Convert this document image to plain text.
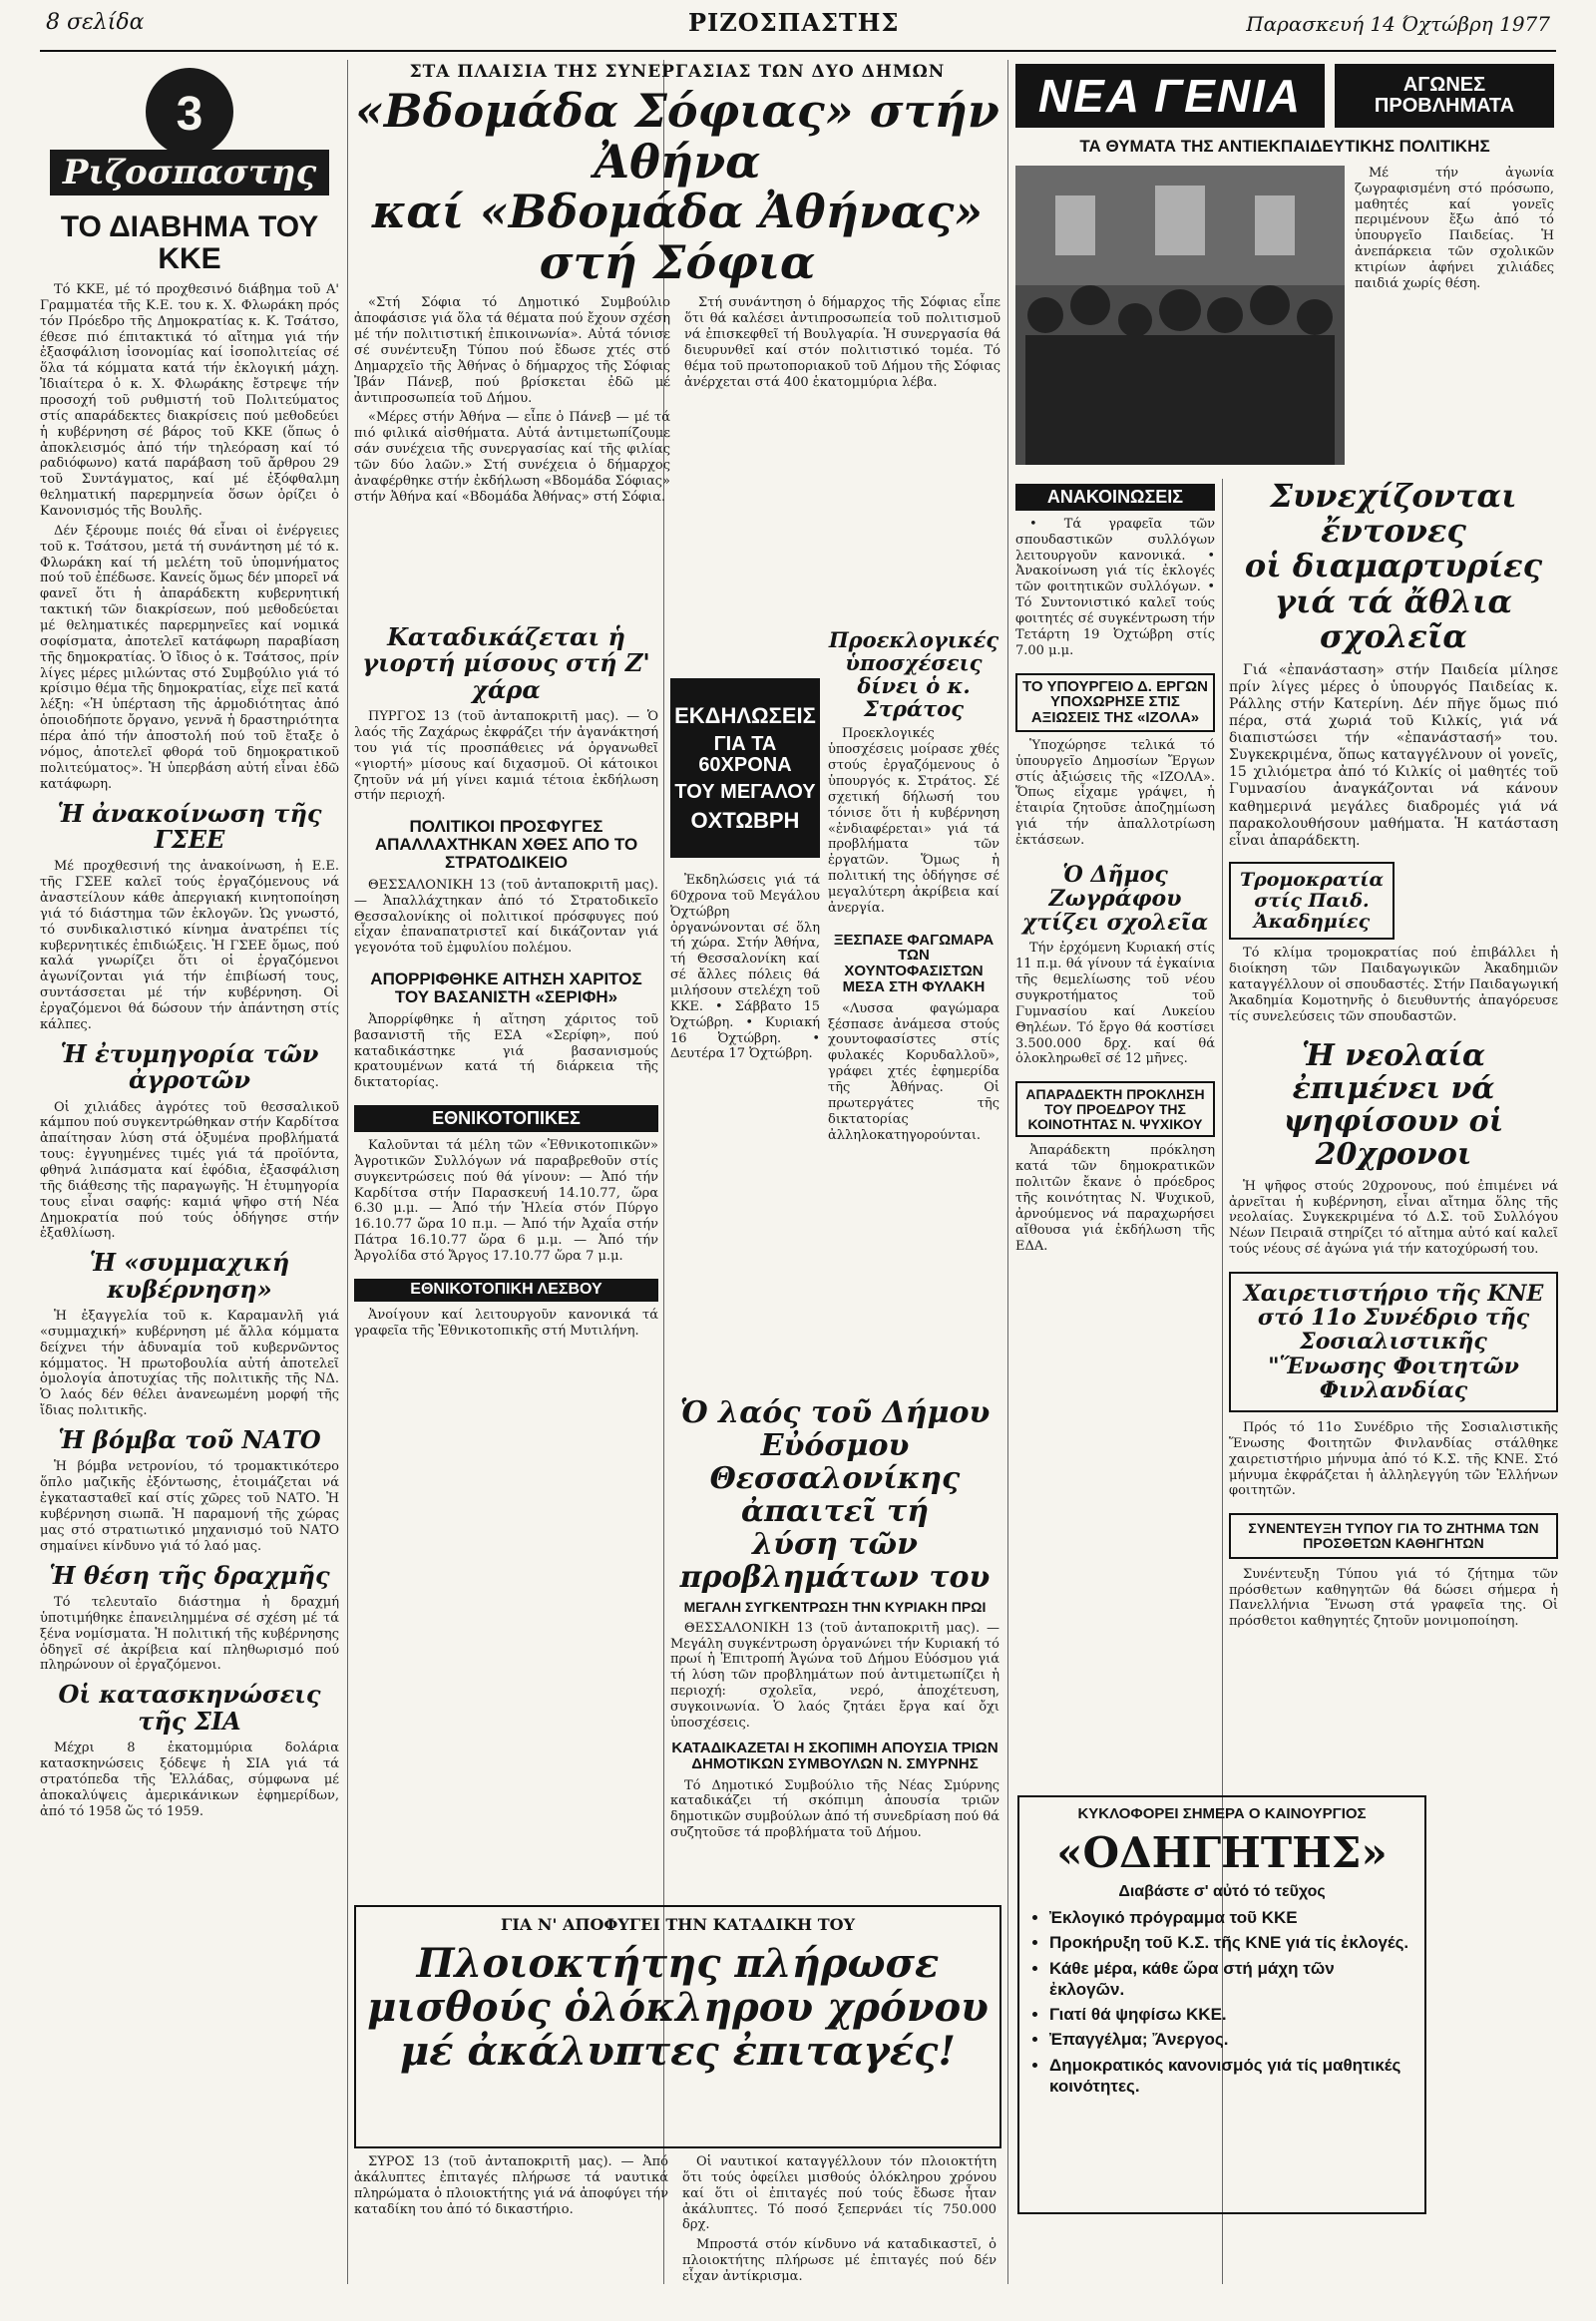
8 σελίδα	ΡΙΖΟΣΠΑΣΤΗΣ	Παρασκευή 14 Όχτώβρη 1977
3
Ριζοσπαστης
ΤΟ ΔΙΑΒΗΜΑ ΤΟΥ ΚΚΕ

Τό ΚΚΕ, μέ τό προχθεσινό διάβημα τοῦ Α' Γραμματέα τῆς Κ.Ε. του κ. Χ. Φλωράκη πρός τόν Πρόεδρο τῆς Δημοκρατίας κ. Κ. Τσάτσο, έθεσε πιό έπιτακτικά τό αἴτημα γιά τήν ἐξασφάλιση ἰσονομίας καί ἰσοπολιτείας σέ ὅλα τά κόμματα κατά τήν ἐκλογική μάχη. Ἰδιαίτερα ὁ κ. Χ. Φλωράκης ἔστρεψε τήν προσοχή τοῦ ρυθμιστή τοῦ Πολιτεύματος στίς απαράδεκτες διακρίσεις πού μεθοδεύει ἡ κυβέρνηση σέ βάρος τοῦ ΚΚΕ (ὅπως ὁ ἀποκλεισμός ἀπό τήν τηλεόραση καί τό ραδιόφωνο) κατά παράβαση τοῦ ἄρθρου 29 τοῦ Συντάγματος, καί μέ ἐξόφθαλμη θεληματική παρερμηνεία ὅσων ὁρίζει ὁ Κανονισμός τῆς Βουλῆς.

Δέν ξέρουμε ποιές θά εἶναι οἱ ἐνέργειες τοῦ κ. Τσάτσου, μετά τή συνάντηση μέ τό κ. Φλωράκη καί τή μελέτη τοῦ ὑπομνήματος πού τοῦ ἐπέδωσε. Κανείς ὅμως δέν μπορεῖ νά φανεῖ ὅτι ἡ ἀπαράδεκτη κυβερνητική τακτική τῶν διακρίσεων, πού μεθοδεύεται μέ θεληματικές παρερμηνεῖες καί νομικά σοφίσματα, ἀποτελεῖ κατάφωρη παραβίαση τῆς δημοκρατίας. Ὁ ἴδιος ὁ κ. Τσάτσος, πρίν λίγες μέρες μιλώντας στό Συμβούλιο γιά τό κρίσιμο θέμα τῆς δημοκρατίας, εἶχε πεῖ κατά λέξη: «Ἡ ὑπέρταση τῆς ἀρμοδιότητας ἀπό ὁποιοδήποτε ὄργανο, γεννᾶ ἡ δραστηριότητα πέρα ἀπό τήν ἀποστολή πού τοῦ ἔταξε ὁ νόμος, ἀποτελεῖ φθορά τοῦ δημοκρατικοῦ πολιτεύματος». Ἡ ὑπερβάση αὐτή εἶναι ἐδῶ κατάφωρη.

Ἡ ἀνακοίνωση τῆς ΓΣΕΕ

Μέ προχθεσινή της ἀνακοίνωση, ἡ Ε.Ε. τῆς ΓΣΕΕ καλεῖ τούς ἐργαζόμενους νά ἀναστείλουν κάθε ἀπεργιακή κινητοποίηση γιά τό διάστημα τῶν ἐκλογῶν. Ὡς γνωστό, τό συνδικαλιστικό κίνημα ἀνατρέπει τίς κυβερνητικές ἐπιδιώξεις. Ἡ ΓΣΕΕ ὅμως, πού καλά γνωρίζει ὅτι οἱ ἐργαζόμενοι ἀγωνίζονται γιά τήν ἐπιβίωσή τους, συντάσσεται μέ τήν κυβέρνηση. Οἱ ἐργαζόμενοι θά δώσουν τήν ἀπάντηση στίς κάλπες.

Ἡ ἐτυμηγορία τῶν ἀγροτῶν

Οἱ χιλιάδες ἀγρότες τοῦ θεσσαλικοῦ κάμπου πού συγκεντρώθηκαν στήν Καρδίτσα ἀπαίτησαν λύση στά ὀξυμένα προβλήματά τους: ἐγγυημένες τιμές γιά τά προϊόντα, φθηνά λιπάσματα καί ἐφόδια, ἐξασφάλιση τῆς διάθεσης τῆς παραγωγῆς. Ἡ ἐτυμηγορία τους εἶναι σαφής: καμιά ψῆφο στή Νέα Δημοκρατία πού τούς ὁδήγησε στήν ἐξαθλίωση.

Ἡ «συμμαχική κυβέρνηση»

Ἡ ἐξαγγελία τοῦ κ. Καραμανλῆ γιά «συμμαχική» κυβέρνηση μέ ἄλλα κόμματα δείχνει τήν ἀδυναμία τοῦ κυβερνῶντος κόμματος. Ἡ πρωτοβουλία αὐτή ἀποτελεῖ ὁμολογία ἀποτυχίας τῆς πολιτικῆς τῆς ΝΔ. Ὁ λαός δέν θέλει ἀνανεωμένη μορφή τῆς ἴδιας πολιτικῆς.

Ἡ βόμβα τοῦ ΝΑΤΟ

Ἡ βόμβα νετρονίου, τό τρομακτικότερο ὅπλο μαζικῆς ἐξόντωσης, ἐτοιμάζεται νά ἐγκατασταθεῖ καί στίς χῶρες τοῦ ΝΑΤΟ. Ἡ κυβέρνηση σιωπᾶ. Ἡ παραμονή τῆς χώρας μας στό στρατιωτικό μηχανισμό τοῦ ΝΑΤΟ σημαίνει κίνδυνο γιά τό λαό μας.

Ἡ θέση τῆς δραχμῆς

Τό τελευταῖο διάστημα ἡ δραχμή ὑποτιμήθηκε ἐπανειλημμένα σέ σχέση μέ τά ξένα νομίσματα. Ἡ πολιτική τῆς κυβέρνησης ὁδηγεῖ σέ ἀκρίβεια καί πληθωρισμό πού πληρώνουν οἱ ἐργαζόμενοι.

Οἱ κατασκηνώσεις τῆς ΣΙΑ

Μέχρι 8 ἑκατομμύρια δολάρια κατασκηνώσεις ξόδεψε ἡ ΣΙΑ γιά τά στρατόπεδα τῆς Ἑλλάδας, σύμφωνα μέ ἀποκαλύψεις ἀμερικάνικων ἐφημερίδων, ἀπό τό 1958 ὥς τό 1959.

ΣΤΑ ΠΛΑΙΣΙΑ ΤΗΣ ΣΥΝΕΡΓΑΣΙΑΣ ΤΩΝ ΔΥΟ ΔΗΜΩΝ
«Βδομάδα Σόφιας» στήν Ἀθήνα
καί «Βδομάδα Ἀθήνας» στή Σόφια

«Στή Σόφια τό Δημοτικό Συμβούλιο ἀποφάσισε γιά ὅλα τά θέματα πού ἔχουν σχέση μέ τήν πολιτιστική ἐπικοινωνία». Αὐτά τόνισε σέ συνέντευξη Τύπου πού ἔδωσε χτές στό Δημαρχεῖο τῆς Ἀθήνας ὁ δήμαρχος τῆς Σόφιας Ἰβάν Πάνεβ, πού βρίσκεται ἐδῶ μέ ἀντιπροσωπεία τοῦ Δήμου.

«Μέρες στήν Ἀθήνα — εἶπε ὁ Πάνεβ — μέ τά πιό φιλικά αἰσθήματα. Αὐτά ἀντιμετωπίζουμε σάν συνέχεια τῆς συνεργασίας καί τῆς φιλίας τῶν δύο λαῶν.» Στή συνέχεια ὁ δήμαρχος ἀναφέρθηκε στήν ἐκδήλωση «Βδομάδα Σόφιας» στήν Ἀθήνα καί «Βδομάδα Ἀθήνας» στή Σόφια.

Στή συνάντηση ὁ δήμαρχος τῆς Σόφιας εἶπε ὅτι θά καλέσει ἀντιπροσωπεία τοῦ πολιτισμοῦ νά ἐπισκεφθεῖ τή Βουλγαρία. Ἡ συνεργασία θά διευρυνθεῖ καί στόν πολιτιστικό τομέα. Τό θέμα τοῦ πρωτοποριακοῦ τοῦ Δήμου τῆς Σόφιας ἀνέρχεται στά 400 ἑκατομμύρια λέβα.

Καταδικάζεται ἡ γιορτή μίσους στή Ζ' χάρα

ΠΥΡΓΟΣ 13 (τοῦ ἀνταποκριτῆ μας). — Ὁ λαός τῆς Ζαχάρως ἐκφράζει τήν ἀγανάκτησή του γιά τίς προσπάθειες νά ὀργανωθεῖ «γιορτή» μίσους καί διχασμοῦ. Οἱ κάτοικοι ζητοῦν νά μή γίνει καμιά τέτοια ἐκδήλωση στήν περιοχή.

ΠΟΛΙΤΙΚΟΙ ΠΡΟΣΦΥΓΕΣ ΑΠΑΛΛΑΧΤΗΚΑΝ ΧΘΕΣ ΑΠΟ ΤΟ ΣΤΡΑΤΟΔΙΚΕΙΟ

ΘΕΣΣΑΛΟΝΙΚΗ 13 (τοῦ ἀνταποκριτῆ μας). — Ἀπαλλάχτηκαν ἀπό τό Στρατοδικεῖο Θεσσαλονίκης οἱ πολιτικοί πρόσφυγες πού εἶχαν ἐπαναπατριστεῖ καί δικάζονταν γιά γεγονότα τοῦ ἐμφυλίου πολέμου.

ΑΠΟΡΡΙΦΘΗΚΕ ΑΙΤΗΣΗ ΧΑΡΙΤΟΣ ΤΟΥ ΒΑΣΑΝΙΣΤΗ «ΣΕΡΙΦΗ»

Ἀπορρίφθηκε ἡ αἴτηση χάριτος τοῦ βασανιστῆ τῆς ΕΣΑ «Σερίφη», πού καταδικάστηκε γιά βασανισμούς κρατουμένων κατά τή διάρκεια τῆς δικτατορίας.

ΕΘΝΙΚΟΤΟΠΙΚΕΣ

Καλοῦνται τά μέλη τῶν «Ἐθνικοτοπικῶν» Ἀγροτικῶν Συλλόγων νά παραβρεθοῦν στίς συγκεντρώσεις πού θά γίνουν: — Ἀπό τήν Καρδίτσα στήν Παρασκευή 14.10.77, ὥρα 6.30 μ.μ. — Ἀπό τήν Ἠλεία στόν Πύργο 16.10.77 ὥρα 10 π.μ. — Ἀπό τήν Ἀχαΐα στήν Πάτρα 16.10.77 ὥρα 6 μ.μ. — Ἀπό τήν Ἀργολίδα στό Ἄργος 17.10.77 ὥρα 7 μ.μ.

ΕΘΝΙΚΟΤΟΠΙΚΗ ΛΕΣΒΟΥ

Ἀνοίγουν καί λειτουργοῦν κανονικά τά γραφεῖα τῆς Ἐθνικοτοπικῆς στή Μυτιλήνη.

ΕΚΔΗΛΩΣΕΙΣ
ΓΙΑ ΤΑ 60ΧΡΟΝΑ
ΤΟΥ ΜΕΓΑΛΟΥ
ΟΧΤΩΒΡΗ

Ἐκδηλώσεις γιά τά 60χρονα τοῦ Μεγάλου Ὀχτώβρη ὀργανώνονται σέ ὅλη τή χώρα. Στήν Ἀθήνα, τή Θεσσαλονίκη καί σέ ἄλλες πόλεις θά μιλήσουν στελέχη τοῦ ΚΚΕ. • Σάββατο 15 Ὀχτώβρη. • Κυριακή 16 Ὀχτώβρη. • Δευτέρα 17 Ὀχτώβρη.

Προεκλογικές ὑποσχέσεις δίνει ὁ κ. Στράτος

Προεκλογικές ὑποσχέσεις μοίρασε χθές στούς ἐργαζόμενους ὁ ὑπουργός κ. Στράτος. Σέ σχετική δήλωσή του τόνισε ὅτι ἡ κυβέρνηση «ἐνδιαφέρεται» γιά τά προβλήματα τῶν ἐργατῶν. Ὅμως ἡ πολιτική της ὁδήγησε σέ μεγαλύτερη ἀκρίβεια καί ἀνεργία.

ΞΕΣΠΑΣΕ ΦΑΓΩΜΑΡΑ ΤΩΝ ΧΟΥΝΤΟΦΑΣΙΣΤΩΝ ΜΕΣΑ ΣΤΗ ΦΥΛΑΚΗ

«Λυσσα φαγώμαρα ξέσπασε ἀνάμεσα στούς χουντοφασίστες στίς φυλακές Κορυδαλλοῦ», γράφει χτές ἐφημερίδα τῆς Ἀθήνας. Οἱ πρωτεργάτες τῆς δικτατορίας ἀλληλοκατηγορούνται.

Ὁ λαός τοῦ Δήμου Εὐόσμου
Θεσσαλονίκης ἀπαιτεῖ τή
λύση τῶν προβλημάτων του
ΜΕΓΑΛΗ ΣΥΓΚΕΝΤΡΩΣΗ ΤΗΝ ΚΥΡΙΑΚΗ ΠΡΩΙ

ΘΕΣΣΑΛΟΝΙΚΗ 13 (τοῦ ἀνταποκριτῆ μας). — Μεγάλη συγκέντρωση ὀργανώνει τήν Κυριακή τό πρωί ἡ Ἐπιτροπή Ἀγώνα τοῦ Δήμου Εὐόσμου γιά τή λύση τῶν προβλημάτων πού ἀντιμετωπίζει ἡ περιοχή: σχολεῖα, νερό, ἀποχέτευση, συγκοινωνία. Ὁ λαός ζητάει ἔργα καί ὄχι ὑποσχέσεις.

ΚΑΤΑΔΙΚΑΖΕΤΑΙ Η ΣΚΟΠΙΜΗ ΑΠΟΥΣΙΑ ΤΡΙΩΝ ΔΗΜΟΤΙΚΩΝ ΣΥΜΒΟΥΛΩΝ Ν. ΣΜΥΡΝΗΣ

Τό Δημοτικό Συμβούλιο τῆς Νέας Σμύρνης καταδικάζει τή σκόπιμη ἀπουσία τριῶν δημοτικῶν συμβούλων ἀπό τή συνεδρίαση πού θά συζητοῦσε τά προβλήματα τοῦ Δήμου.

ΓΙΑ Ν' ΑΠΟΦΥΓΕΙ ΤΗΝ ΚΑΤΑΔΙΚΗ ΤΟΥ
Πλοιοκτήτης πλήρωσε
μισθούς ὁλόκληρου χρόνου
μέ ἀκάλυπτες ἐπιταγές!

ΣΥΡΟΣ 13 (τοῦ ἀνταποκριτῆ μας). — Ἀπό ἀκάλυπτες ἐπιταγές πλήρωσε τά ναυτικά πληρώματα ὁ πλοιοκτήτης γιά νά ἀποφύγει τήν καταδίκη του ἀπό τό δικαστήριο.

Οἱ ναυτικοί καταγγέλλουν τόν πλοιοκτήτη ὅτι τούς ὀφείλει μισθούς ὁλόκληρου χρόνου καί ὅτι οἱ ἐπιταγές πού τούς ἔδωσε ἦταν ἀκάλυπτες. Τό ποσό ξεπερνάει τίς 750.000 δρχ.

Μπροστά στόν κίνδυνο νά καταδικαστεῖ, ὁ πλοιοκτήτης πλήρωσε μέ ἐπιταγές πού δέν εἶχαν ἀντίκρισμα.

ΝΕΑ ΓΕΝΙΑ	ΑΓΩΝΕΣ
ΠΡΟΒΛΗΜΑΤΑ
ΤΑ ΘΥΜΑΤΑ ΤΗΣ ΑΝΤΙΕΚΠΑΙΔΕΥΤΙΚΗΣ ΠΟΛΙΤΙΚΗΣ

Μέ τήν ἀγωνία ζωγραφισμένη στό πρόσωπο, μαθητές καί γονεῖς περιμένουν ἔξω ἀπό τό ὑπουργεῖο Παιδείας. Ἡ ἀνεπάρκεια τῶν σχολικῶν κτιρίων ἀφήνει χιλιάδες παιδιά χωρίς θέση.

ΑΝΑΚΟΙΝΩΣΕΙΣ

• Τά γραφεῖα τῶν σπουδαστικῶν συλλόγων λειτουργοῦν κανονικά. • Ἀνακοίνωση γιά τίς ἐκλογές τῶν φοιτητικῶν συλλόγων. • Τό Συντονιστικό καλεῖ τούς φοιτητές σέ συγκέντρωση τήν Τετάρτη 19 Ὀχτώβρη στίς 7.00 μ.μ.

ΤΟ ΥΠΟΥΡΓΕΙΟ Δ. ΕΡΓΩΝ ΥΠΟΧΩΡΗΣΕ ΣΤΙΣ ΑΞΙΩΣΕΙΣ ΤΗΣ «ΙΖΟΛΑ»

Ὑποχώρησε τελικά τό ὑπουργεῖο Δημοσίων Ἔργων στίς ἀξιώσεις τῆς «ΙΖΟΛΑ». Ὅπως εἶχαμε γράψει, ἡ ἑταιρία ζητοῦσε ἀποζημίωση γιά τήν ἀπαλλοτρίωση ἐκτάσεων.

Ὁ Δῆμος Ζωγράφου χτίζει σχολεῖα

Τήν ἐρχόμενη Κυριακή στίς 11 π.μ. θά γίνουν τά ἐγκαίνια τῆς θεμελίωσης τοῦ νέου συγκροτήματος τοῦ Γυμνασίου καί Λυκείου Θηλέων. Τό ἔργο θά κοστίσει 3.500.000 δρχ. καί θά ὁλοκληρωθεῖ σέ 12 μῆνες.

ΑΠΑΡΑΔΕΚΤΗ ΠΡΟΚΛΗΣΗ ΤΟΥ ΠΡΟΕΔΡΟΥ ΤΗΣ ΚΟΙΝΟΤΗΤΑΣ Ν. ΨΥΧΙΚΟΥ

Ἀπαράδεκτη πρόκληση κατά τῶν δημοκρατικῶν πολιτῶν ἔκανε ὁ πρόεδρος τῆς κοινότητας Ν. Ψυχικοῦ, ἀρνούμενος νά παραχωρήσει αἴθουσα γιά ἐκδήλωση τῆς ΕΔΑ.

ΚΥΚΛΟΦΟΡΕΙ ΣΗΜΕΡΑ Ο ΚΑΙΝΟΥΡΓΙΟΣ
«ΟΔΗΓΗΤΗΣ»
Διαβάστε σ' αὐτό τό τεῦχος
• Ἐκλογικό πρόγραμμα τοῦ ΚΚΕ
• Προκήρυξη τοῦ Κ.Σ. τῆς ΚΝΕ γιά τίς ἐκλογές.
• Κάθε μέρα, κάθε ὥρα στή μάχη τῶν ἐκλογῶν.
• Γιατί θά ψηφίσω ΚΚΕ.
• Ἐπαγγέλμα; Ἄνεργος.
• Δημοκρατικός κανονισμός γιά τίς μαθητικές κοινότητες.
Συνεχίζονται ἔντονες
οἱ διαμαρτυρίες
γιά τά ἄθλια σχολεῖα

Γιά «ἐπανάσταση» στήν Παιδεία μίλησε πρίν λίγες μέρες ὁ ὑπουργός Παιδείας κ. Ράλλης στήν Κατερίνη. Δέν πῆγε ὅμως πιό πέρα, στά χωριά τοῦ Κιλκίς, γιά νά διαπιστώσει τήν «ἐπανάστασή» του. Συγκεκριμένα, ὅπως καταγγέλνουν οἱ γονεῖς, 15 χιλιόμετρα ἀπό τό Κιλκίς οἱ μαθητές τοῦ Γυμνασίου ἀναγκάζονται νά κάνουν καθημερινά μεγάλες διαδρομές γιά νά παρακολουθήσουν μαθήματα. Ἡ κατάσταση εἶναι ἀπαράδεκτη.

Τρομοκρατία στίς Παιδ. Ἀκαδημίες

Τό κλίμα τρομοκρατίας πού ἐπιβάλλει ἡ διοίκηση τῶν Παιδαγωγικῶν Ἀκαδημιῶν καταγγέλλουν οἱ σπουδαστές. Στήν Παιδαγωγική Ἀκαδημία Κομοτηνῆς ὁ διευθυντής ἀπαγόρευσε τίς συνελεύσεις τῶν σπουδαστῶν.

Ἡ νεολαία ἐπιμένει νά ψηφίσουν οἱ 20χρονοι

Ἡ ψῆφος στούς 20χρονους, πού ἐπιμένει νά ἀρνεῖται ἡ κυβέρνηση, εἶναι αἴτημα ὅλης τῆς νεολαίας. Συγκεκριμένα τό Δ.Σ. τοῦ Συλλόγου Νέων Πειραιᾶ στηρίζει τό αἴτημα αὐτό καί καλεῖ τούς νέους σέ ἀγώνα γιά τήν κατοχύρωσή του.

Χαιρετιστήριο τῆς ΚΝΕ στό 11ο Συνέδριο τῆς Σοσιαλιστικῆς "Ἕνωσης Φοιτητῶν Φινλανδίας

Πρός τό 11ο Συνέδριο τῆς Σοσιαλιστικῆς Ἕνωσης Φοιτητῶν Φινλανδίας στάλθηκε χαιρετιστήριο μήνυμα ἀπό τό Κ.Σ. τῆς ΚΝΕ. Στό μήνυμα ἐκφράζεται ἡ ἀλληλεγγύη τῶν Ἑλλήνων φοιτητῶν.

ΣΥΝΕΝΤΕΥΞΗ ΤΥΠΟΥ ΓΙΑ ΤΟ ΖΗΤΗΜΑ ΤΩΝ ΠΡΟΣΘΕΤΩΝ ΚΑΘΗΓΗΤΩΝ

Συνέντευξη Τύπου γιά τό ζήτημα τῶν πρόσθετων καθηγητῶν θά δώσει σήμερα ἡ Πανελλήνια Ἕνωση στά γραφεῖα της. Οἱ πρόσθετοι καθηγητές ζητοῦν μονιμοποίηση.
